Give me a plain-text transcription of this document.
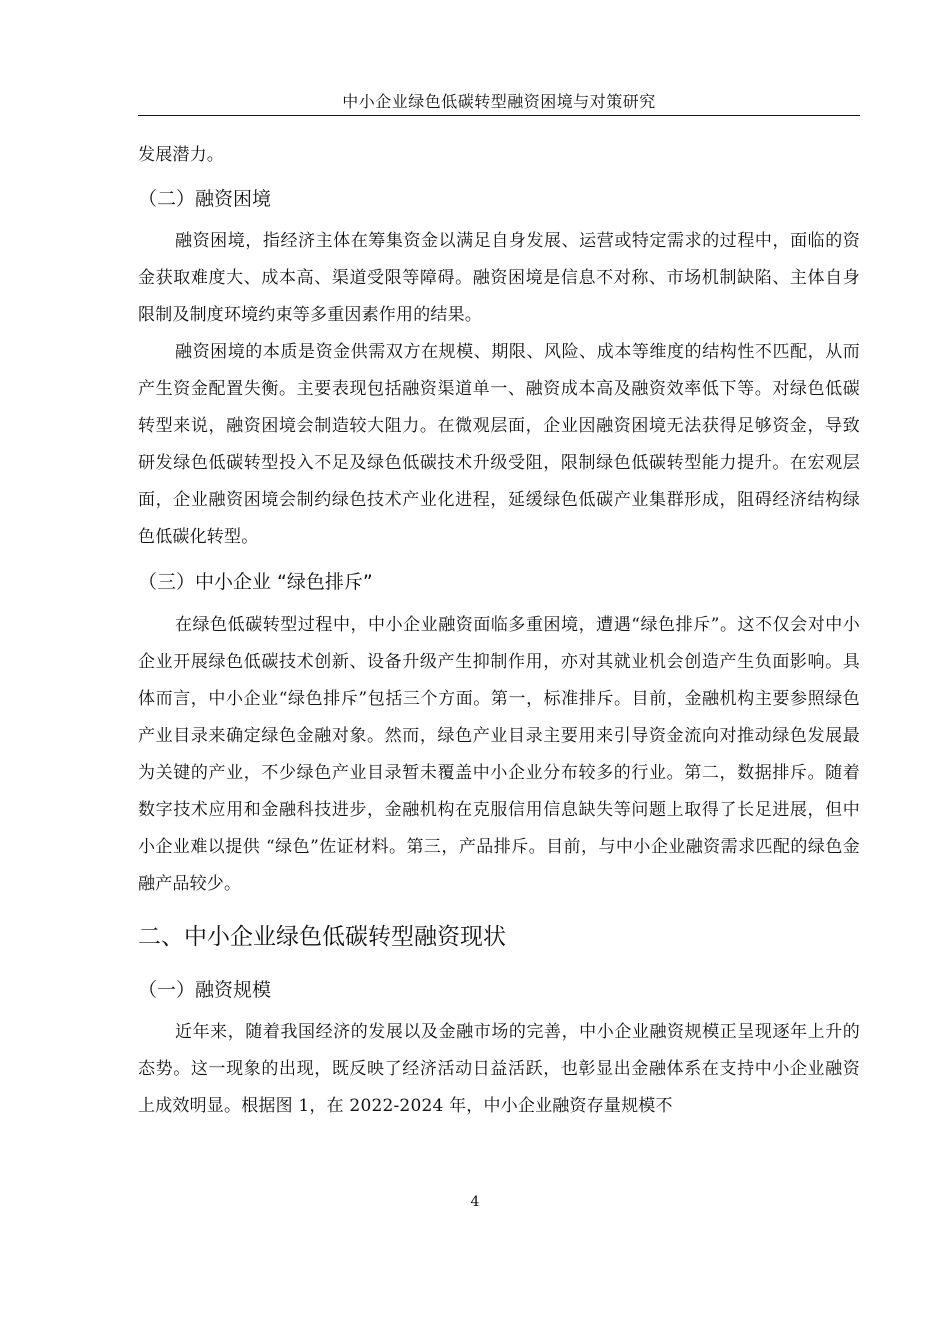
中小企业绿色低碳转型融资困境与对策研究

发展潜力。

（二）融资困境

融资困境，指经济主体在筹集资金以满足自身发展、运营或特定需求的过程中，面临的资金获取难度大、成本高、渠道受限等障碍。融资困境是信息不对称、市场机制缺陷、主体自身限制及制度环境约束等多重因素作用的结果。

融资困境的本质是资金供需双方在规模、期限、风险、成本等维度的结构性不匹配，从而产生资金配置失衡。主要表现包括融资渠道单一、融资成本高及融资效率低下等。对绿色低碳转型来说，融资困境会制造较大阻力。在微观层面，企业因融资困境无法获得足够资金，导致研发绿色低碳转型投入不足及绿色低碳技术升级受阻，限制绿色低碳转型能力提升。在宏观层面，企业融资困境会制约绿色技术产业化进程，延缓绿色低碳产业集群形成，阻碍经济结构绿色低碳化转型。

（三）中小企业 “绿色排斥”

在绿色低碳转型过程中，中小企业融资面临多重困境，遭遇“绿色排斥”。这不仅会对中小企业开展绿色低碳技术创新、设备升级产生抑制作用，亦对其就业机会创造产生负面影响。具体而言，中小企业“绿色排斥”包括三个方面。第一，标准排斥。目前，金融机构主要参照绿色产业目录来确定绿色金融对象。然而，绿色产业目录主要用来引导资金流向对推动绿色发展最为关键的产业，不少绿色产业目录暂未覆盖中小企业分布较多的行业。第二，数据排斥。随着数字技术应用和金融科技进步，金融机构在克服信用信息缺失等问题上取得了长足进展，但中小企业难以提供 “绿色”佐证材料。第三，产品排斥。目前，与中小企业融资需求匹配的绿色金融产品较少。

二、中小企业绿色低碳转型融资现状
（一）融资规模

近年来，随着我国经济的发展以及金融市场的完善，中小企业融资规模正呈现逐年上升的态势。这一现象的出现，既反映了经济活动日益活跃，也彰显出金融体系在支持中小企业融资上成效明显。根据图 1，在 2022-2024 年，中小企业融资存量规模不

4
